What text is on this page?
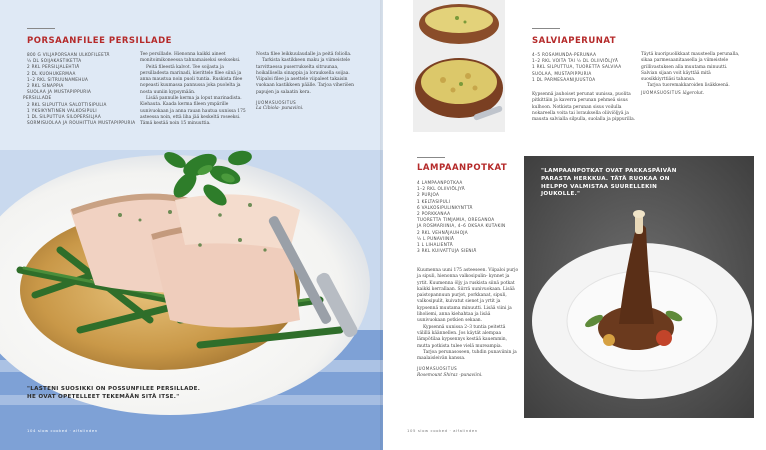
PORSAANFILEE PERSILLADE
800 G VILJAPORSAAN ULKOFILEETÄ
½ DL SOIJAKASTIKETTA
2 RKL PERSILJALEHTIÄ
2 DL KUOHUKERMAA
1–2 RKL SITRUUNAMEHUA
2 RKL SINAPPIA
SUOLAA JA MUSTAPIPPURIA
PERSILLADE
2 RKL SILPUTTUA SALOTTISIPULIA
1 YKSIKYNTINEN VALKOSIPULI
1 DL SILPUTTUA SILOPERSILJAA
SORMISUOLAA JA ROUHITTUA MUSTAPIPPURIA

Tee persillade. Hienonna kaikki aineet monitoimikoneessa tahnamaiseksi seokseksi.

Peitä fileestä kalvot. Tee soijasta ja persilladesta marinadi, kierittele filee siinä ja anna maustua noin puoli tuntia. Ruskista filee nopeasti kuumassa pannussa joka puolelta ja nosta uuniin kypsymään.

Lisää pannulle kerma ja loput marinadista. Kiehauta. Kaada kerma fileen ympärille uunivuokaan ja anna rauan hautua uunissa 175 asteessa noin, että liha jää keskeltä roseeksi. Tämä kestää noin 15 minuuttia.

Nosta filee leikkuulaudalle ja peitä foliolla.

Tarkista kastikkeen maku ja viimeistele tarvittaessa puserrukselta sitruunaa, hoikallisella sinappia ja lorauksella soijaa. Viipaloi filee ja asettele viipaleet takaisin vuokaan kastikkeen päälle. Tarjoa viheriöen papujen ja salaatin kera.

JUOMASUOSITUS
La Cibiola- punaviini.
"LASTENI SUOSIKKI ON POSSUNFILEE PERSILLADE. HE OVAT OPETELLEET TEKEMÄÄN SITÄ ITSE."
104 slow cooked · alfalinden
SALVIAPERUNAT
4–5 ROSAMUNDA-PERUNAA
1–2 RKL VOITA TAI ½ DL OLIIVIÖLJYÄ
1 RKL SILPUTTUA, TUORETTA SALVIAA
SUOLAA, MUSTAPIPPURIA
1 DL PARMESAANIJUUSTOA

Kypsennä jauhoiset perunat uunissa, puolita pitkittäin ja kaverra perunan pehmeä sisus kulhoon. Notkista perunan sisus voilulla nokareella voita tai lorauksella oliiviöljyä ja mausta salvialla silpulla, suolalla ja pippurilla.

Täytä kuoripuolikkaat mausteella perunalla, sikaa parmesaanitaasella ja viimeistele grillivastuksen alla muutama minuutti. Salvian sijaan voit käyttää mitä suosikkiyrttiäsi tahansa.

Tarjoa tuoremakkaroiden lisäkkeenä.

JUOMASUOSITUS lägerolut.
LAMPAANPOTKAT
4 LAMPAANPOTKAA
1–2 RKL OLIIVIÖLJYÄ
2 PURJOA
1 KELTASIPULI
6 VALKOSIPULINKYNTTÄ
2 PORKKANAA
TUORETTA TIMJAMIA, OREGANOA
JA ROSMARIINIA, 4–6 OKSAA KUTAKIN
2 RKL VEHNÄJAUHOJA
½ L PUNAVIINIÄ
1 L LIHALIENTÄ
3 RKL KUIVATTUJA SIENIÄ

Kuumenna uuni 175 asteeseen. Viipaloi purjo ja sipuli, hienonna valkosipulin- kynnet ja yrtit. Kuumenna öljy ja ruskista siinä potkat kaikki kerrallaan. Siirrä uunivuokaan. Lisää paistopannuun purjot, porkkanat, sipuli, valkosipulit, kuivatut sienet ja yrtit ja kypsennä muutama minuutti. Lisää viini ja liholiemi, anna kiehahtaa ja lisää uunivuokaan potkien sekaan.

Kypsennä uunissa 2–3 tuntia peitettä välillä käännellen. Jos käytät alempaa lämpötilaa kypsennys kestää kauemmin, mutta potkista tulee vielä mureampia.

Tarjoa perunasoseen, tuhdin punaviinin ja maalaisleivän kanssa.

JUOMASUOSITUS
Rosemount Shiraz -punaviini.
"LAMPAANPOTKAT OVAT PAKKASPÄIVÄN PARASTA HERKKUA. TÄTÄ RUOKAA ON HELPPO VALMISTAA SUURELLEKIN JOUKOLLE."
105 slow cooked · alfalinden
